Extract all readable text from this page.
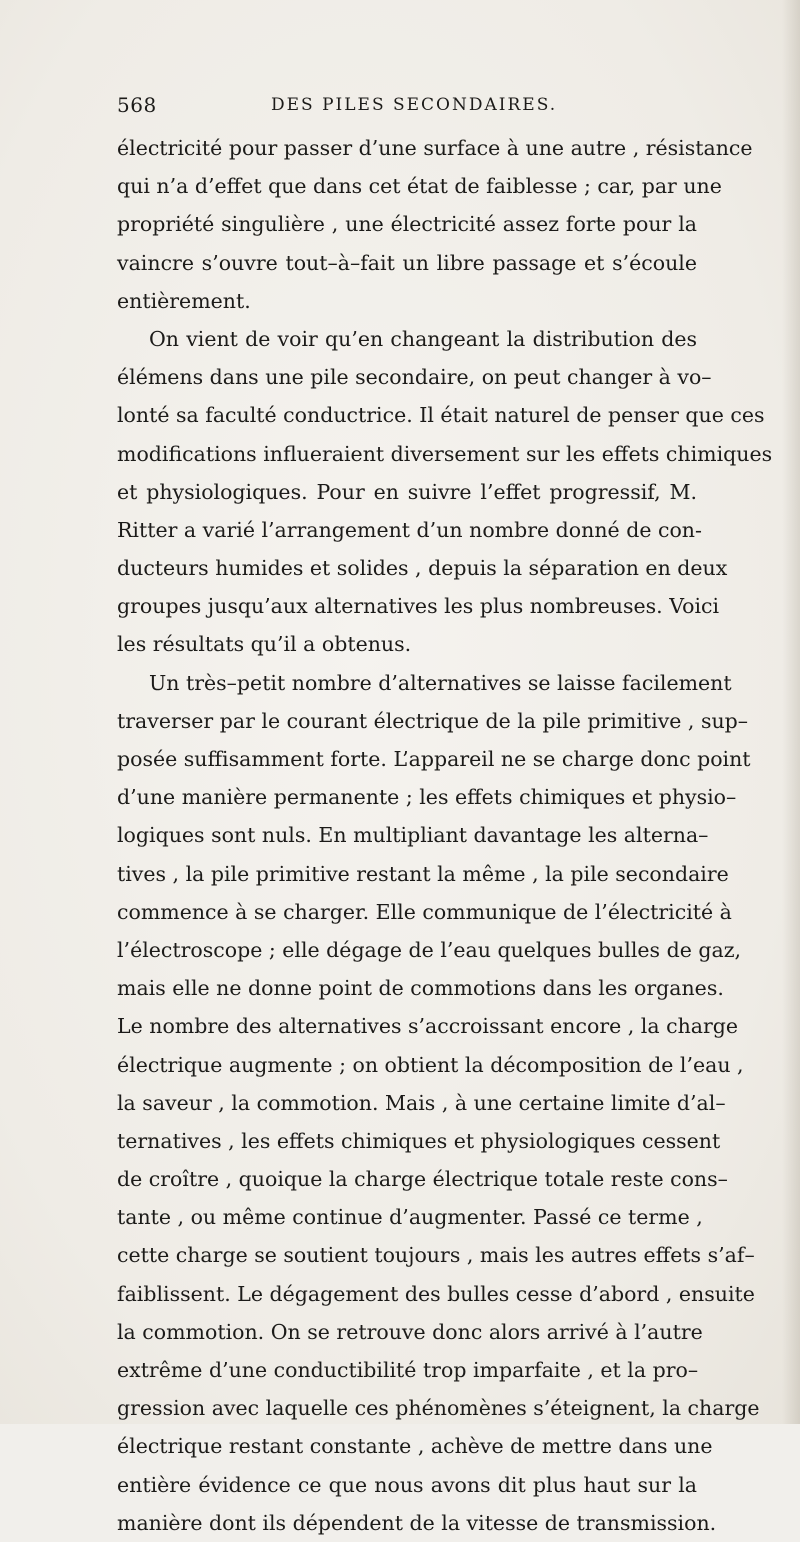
568	DES PILES SECONDAIRES.
électricité pour passer d’une surface à une autre , résistance
qui n’a d’effet que dans cet état de faiblesse ; car, par une
propriété singulière , une électricité assez forte pour la
vaincre s’ouvre tout–à–fait un libre passage et s’écoule
entièrement.
On vient de voir qu’en changeant la distribution des
élémens dans une pile secondaire, on peut changer à vo–
lonté sa faculté conductrice. Il était naturel de penser que ces
modifications influeraient diversement sur les effets chimiques
et physiologiques. Pour en suivre l’effet progressif, M.
Ritter a varié l’arrangement d’un nombre donné de con-
ducteurs humides et solides , depuis la séparation en deux
groupes jusqu’aux alternatives les plus nombreuses. Voici
les résultats qu’il a obtenus.
Un très–petit nombre d’alternatives se laisse facilement
traverser par le courant électrique de la pile primitive , sup–
posée suffisamment forte. L’appareil ne se charge donc point
d’une manière permanente ; les effets chimiques et physio–
logiques sont nuls. En multipliant davantage les alterna–
tives , la pile primitive restant la même , la pile secondaire
commence à se charger. Elle communique de l’électricité à
l’électroscope ; elle dégage de l’eau quelques bulles de gaz,
mais elle ne donne point de commotions dans les organes.
Le nombre des alternatives s’accroissant encore , la charge
électrique augmente ; on obtient la décomposition de l’eau ,
la saveur , la commotion. Mais , à une certaine limite d’al–
ternatives , les effets chimiques et physiologiques cessent
de croître , quoique la charge électrique totale reste cons–
tante , ou même continue d’augmenter. Passé ce terme ,
cette charge se soutient toujours , mais les autres effets s’af–
faiblissent. Le dégagement des bulles cesse d’abord , ensuite
la commotion. On se retrouve donc alors arrivé à l’autre
extrême d’une conductibilité trop imparfaite , et la pro–
gression avec laquelle ces phénomènes s’éteignent, la charge
électrique restant constante , achève de mettre dans une
entière évidence ce que nous avons dit plus haut sur la
manière dont ils dépendent de la vitesse de transmission.
